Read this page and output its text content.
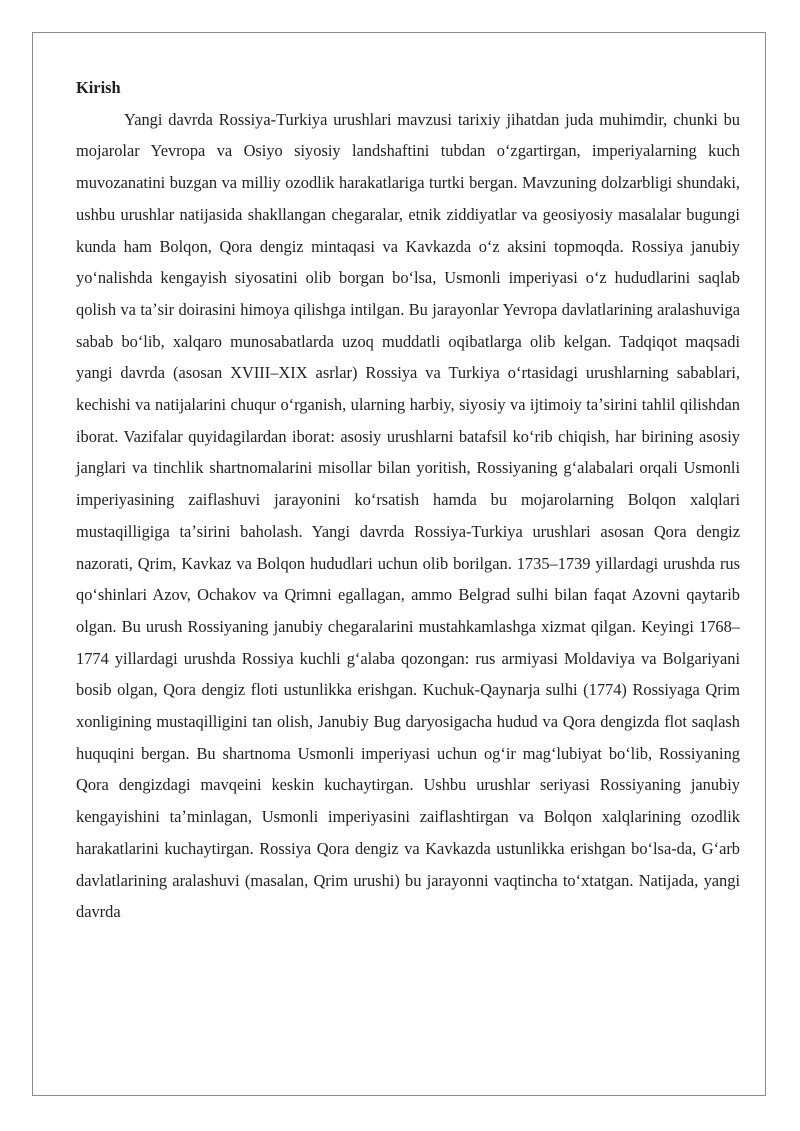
Kirish

Yangi davrda Rossiya-Turkiya urushlari mavzusi tarixiy jihatdan juda muhimdir, chunki bu mojarolar Yevropa va Osiyo siyosiy landshaftini tubdan oʻzgartirgan, imperiyalarning kuch muvozanatini buzgan va milliy ozodlik harakatlariga turtki bergan. Mavzuning dolzarbligi shundaki, ushbu urushlar natijasida shakllangan chegaralar, etnik ziddiyatlar va geosiyosiy masalalar bugungi kunda ham Bolqon, Qora dengiz mintaqasi va Kavkazda oʻz aksini topmoqda. Rossiya janubiy yoʻnalishda kengayish siyosatini olib borgan boʻlsa, Usmonli imperiyasi oʻz hududlarini saqlab qolish va taʼsir doirasini himoya qilishga intilgan. Bu jarayonlar Yevropa davlatlarining aralashuviga sabab boʻlib, xalqaro munosabatlarda uzoq muddatli oqibatlarga olib kelgan. Tadqiqot maqsadi yangi davrda (asosan XVIII–XIX asrlar) Rossiya va Turkiya oʻrtasidagi urushlarning sabablari, kechishi va natijalarini chuqur oʻrganish, ularning harbiy, siyosiy va ijtimoiy taʼsirini tahlil qilishdan iborat. Vazifalar quyidagilardan iborat: asosiy urushlarni batafsil koʻrib chiqish, har birining asosiy janglari va tinchlik shartnomalarini misollar bilan yoritish, Rossiyaning gʻalabalari orqali Usmonli imperiyasining zaiflashuvi jarayonini koʻrsatish hamda bu mojarolarning Bolqon xalqlari mustaqilligiga taʼsirini baholash. Yangi davrda Rossiya-Turkiya urushlari asosan Qora dengiz nazorati, Qrim, Kavkaz va Bolqon hududlari uchun olib borilgan. 1735–1739 yillardagi urushda rus qoʻshinlari Azov, Ochakov va Qrimni egallagan, ammo Belgrad sulhi bilan faqat Azovni qaytarib olgan. Bu urush Rossiyaning janubiy chegaralarini mustahkamlashga xizmat qilgan. Keyingi 1768–1774 yillardagi urushda Rossiya kuchli gʻalaba qozongan: rus armiyasi Moldaviya va Bolgariyani bosib olgan, Qora dengiz floti ustunlikka erishgan. Kuchuk-Qaynarja sulhi (1774) Rossiyaga Qrim xonligining mustaqilligini tan olish, Janubiy Bug daryosigacha hudud va Qora dengizda flot saqlash huquqini bergan. Bu shartnoma Usmonli imperiyasi uchun ogʻir magʻlubiyat boʻlib, Rossiyaning Qora dengizdagi mavqeini keskin kuchaytirgan. Ushbu urushlar seriyasi Rossiyaning janubiy kengayishini taʼminlagan, Usmonli imperiyasini zaiflashtirgan va Bolqon xalqlarining ozodlik harakatlarini kuchaytirgan. Rossiya Qora dengiz va Kavkazda ustunlikka erishgan boʻlsa-da, Gʻarb davlatlarining aralashuvi (masalan, Qrim urushi) bu jarayonni vaqtincha toʻxtatgan. Natijada, yangi davrda
